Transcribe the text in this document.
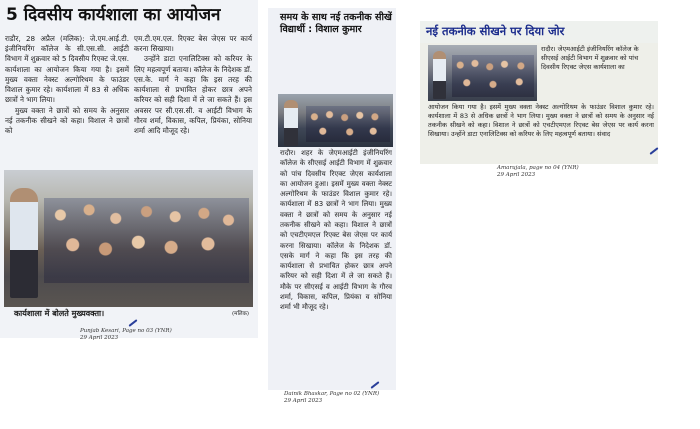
5 दिवसीय कार्यशाला का आयोजन

राडौर, 28 अप्रैल (मलिक): जे.एम.आई.टी. इंजीनियरिंग कॉलेज के सी.एस.सी. आईटी विभाग में शुक्रवार को 5 दिवसीय रिएक्ट जे.एस. कार्यशाला का आयोजन किया गया है। इसमें मुख्य वक्ता नेक्स्ट अल्गोरिथम के फाउंडर विशाल कुमार रहे। कार्यशाला में 83 से अधिक छात्रों ने भाग लिया।

मुख्य वक्ता ने छात्रों को समय के अनुसार नई तकनीक सीखने को कहा। विशाल ने छात्रों को

एम.टी.एम.एल. रिएक्ट बेस जेएस पर कार्य करना सिखाया।

उन्होंने डाटा एनालिटिक्स को करियर के लिए महत्वपूर्ण बताया। कॉलेज के निदेशक डॉ. एस.के. मार्ग ने कहा कि इस तरह की कार्यशाला से प्रभावित होकर छात्र अपने करियर को सही दिशा में ले जा सकते हैं। इस अवसर पर सी.एस.सी. व आईटी विभाग के गौरव शर्मा, विकास, कपिल, प्रियंका, सोनिया शर्मा आदि मौजूद रहे।

कार्यशाला में बोलते मुख्यवक्ता।	(मलिक)
Punjab Kesari, Page no 03 (YNR)
29 April 2023
समय के साथ नई तकनीक सीखें विद्यार्थी : विशाल कुमार

रादौर। शहर के जेएमआईटी इंजीनियरिंग कॉलेज के सीएसई आईटी विभाग में शुक्रवार को पांच दिवसीय रिएक्ट जेएस कार्यशाला का आयोजन हुआ। इसमें मुख्य वक्ता नेक्स्ट अल्गोरिथम के फाउंडर विशाल कुमार रहे। कार्यशाला में 83 छात्रों ने भाग लिया। मुख्य वक्ता ने छात्रों को समय के अनुसार नई तकनीक सीखने को कहा। विशाल ने छात्रों को एचटीएमएल रिएक्ट बेस जेएस पर कार्य करना सिखाया। कॉलेज के निदेशक डॉ. एसके मार्ग ने कहा कि इस तरह की कार्यशाला से प्रभावित होकर छात्र अपने करियर को सही दिशा में ले जा सकते हैं। मौके पर सीएसई व आईटी विभाग के गौरव शर्मा, विकास, कपिल, प्रियंका व सोनिया शर्मा भी मौजूद रहे।

Dainik Bhaskar, Page no 02 (YNR)
29 April 2023
नई तकनीक सीखने पर दिया जोर

रादौर। जेएमआईटी इंजीनियरिंग कॉलेज के सीएसई आईटी विभाग में शुक्रवार को पांच दिवसीय रिएक्ट जेएस कार्यशाला का

आयोजन किया गया है। इसमें मुख्य वक्ता नेक्स्ट अल्गोरिथम के फाउंडर विशाल कुमार रहे। कार्यशाला में 83 से अधिक छात्रों ने भाग लिया। मुख्य वक्ता ने छात्रों को समय के अनुसार नई तकनीक सीखने को कहा। विशाल ने छात्रों को एचटीएमएल रिएक्ट बेस जेएस पर कार्य करना सिखाया। उन्होंने डाटा एनालिटिक्स को करियर के लिए महत्वपूर्ण बताया। संवाद

Amarujala, page no 04 (YNR)
29 April 2023
